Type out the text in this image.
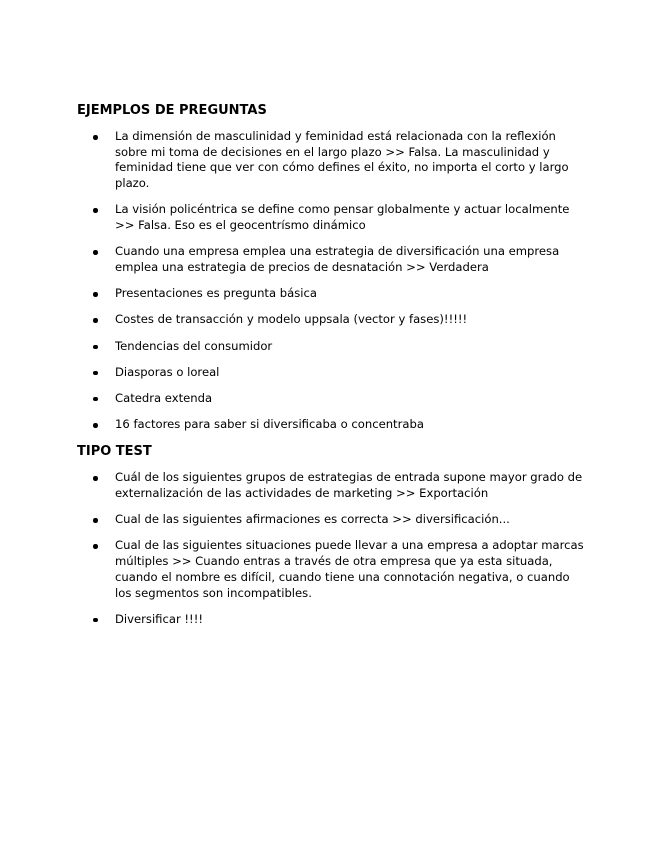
EJEMPLOS DE PREGUNTAS
La dimensión de masculinidad y feminidad está relacionada con la reflexión sobre mi toma de decisiones en el largo plazo >> Falsa. La masculinidad y feminidad tiene que ver con cómo defines el éxito, no importa el corto y largo plazo.
La visión policéntrica se define como pensar globalmente y actuar localmente >> Falsa. Eso es el geocentrísmo dinámico
Cuando una empresa emplea una estrategia de diversificación una empresa emplea una estrategia de precios de desnatación >> Verdadera
Presentaciones es pregunta básica
Costes de transacción y modelo uppsala (vector y fases)!!!!!
Tendencias del consumidor
Diasporas o loreal
Catedra extenda
16 factores para saber si diversificaba o concentraba
TIPO TEST
Cuál de los siguientes grupos de estrategias de entrada supone mayor grado de externalización de las actividades de marketing >> Exportación
Cual de las siguientes afirmaciones es correcta >> diversificación...
Cual de las siguientes situaciones puede llevar a una empresa a adoptar marcas múltiples >> Cuando entras a través de otra empresa que ya esta situada, cuando el nombre es difícil, cuando tiene una connotación negativa, o cuando los segmentos son incompatibles.
Diversificar !!!!
